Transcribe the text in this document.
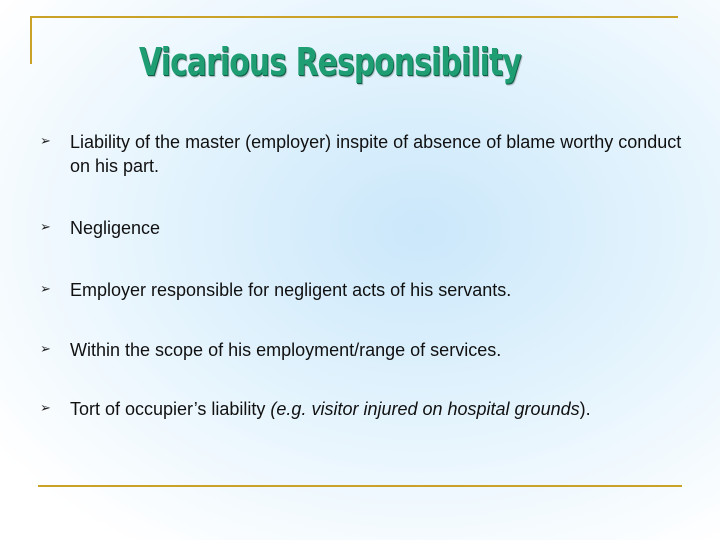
Vicarious Responsibility
➢	Liability of the master (employer) inspite of absence of blame worthy conduct on his part.
➢	Negligence
➢	Employer responsible for negligent acts of his servants.
➢	Within the scope of his employment/range of services.
➢	Tort of occupier’s liability (e.g. visitor injured on hospital grounds).
